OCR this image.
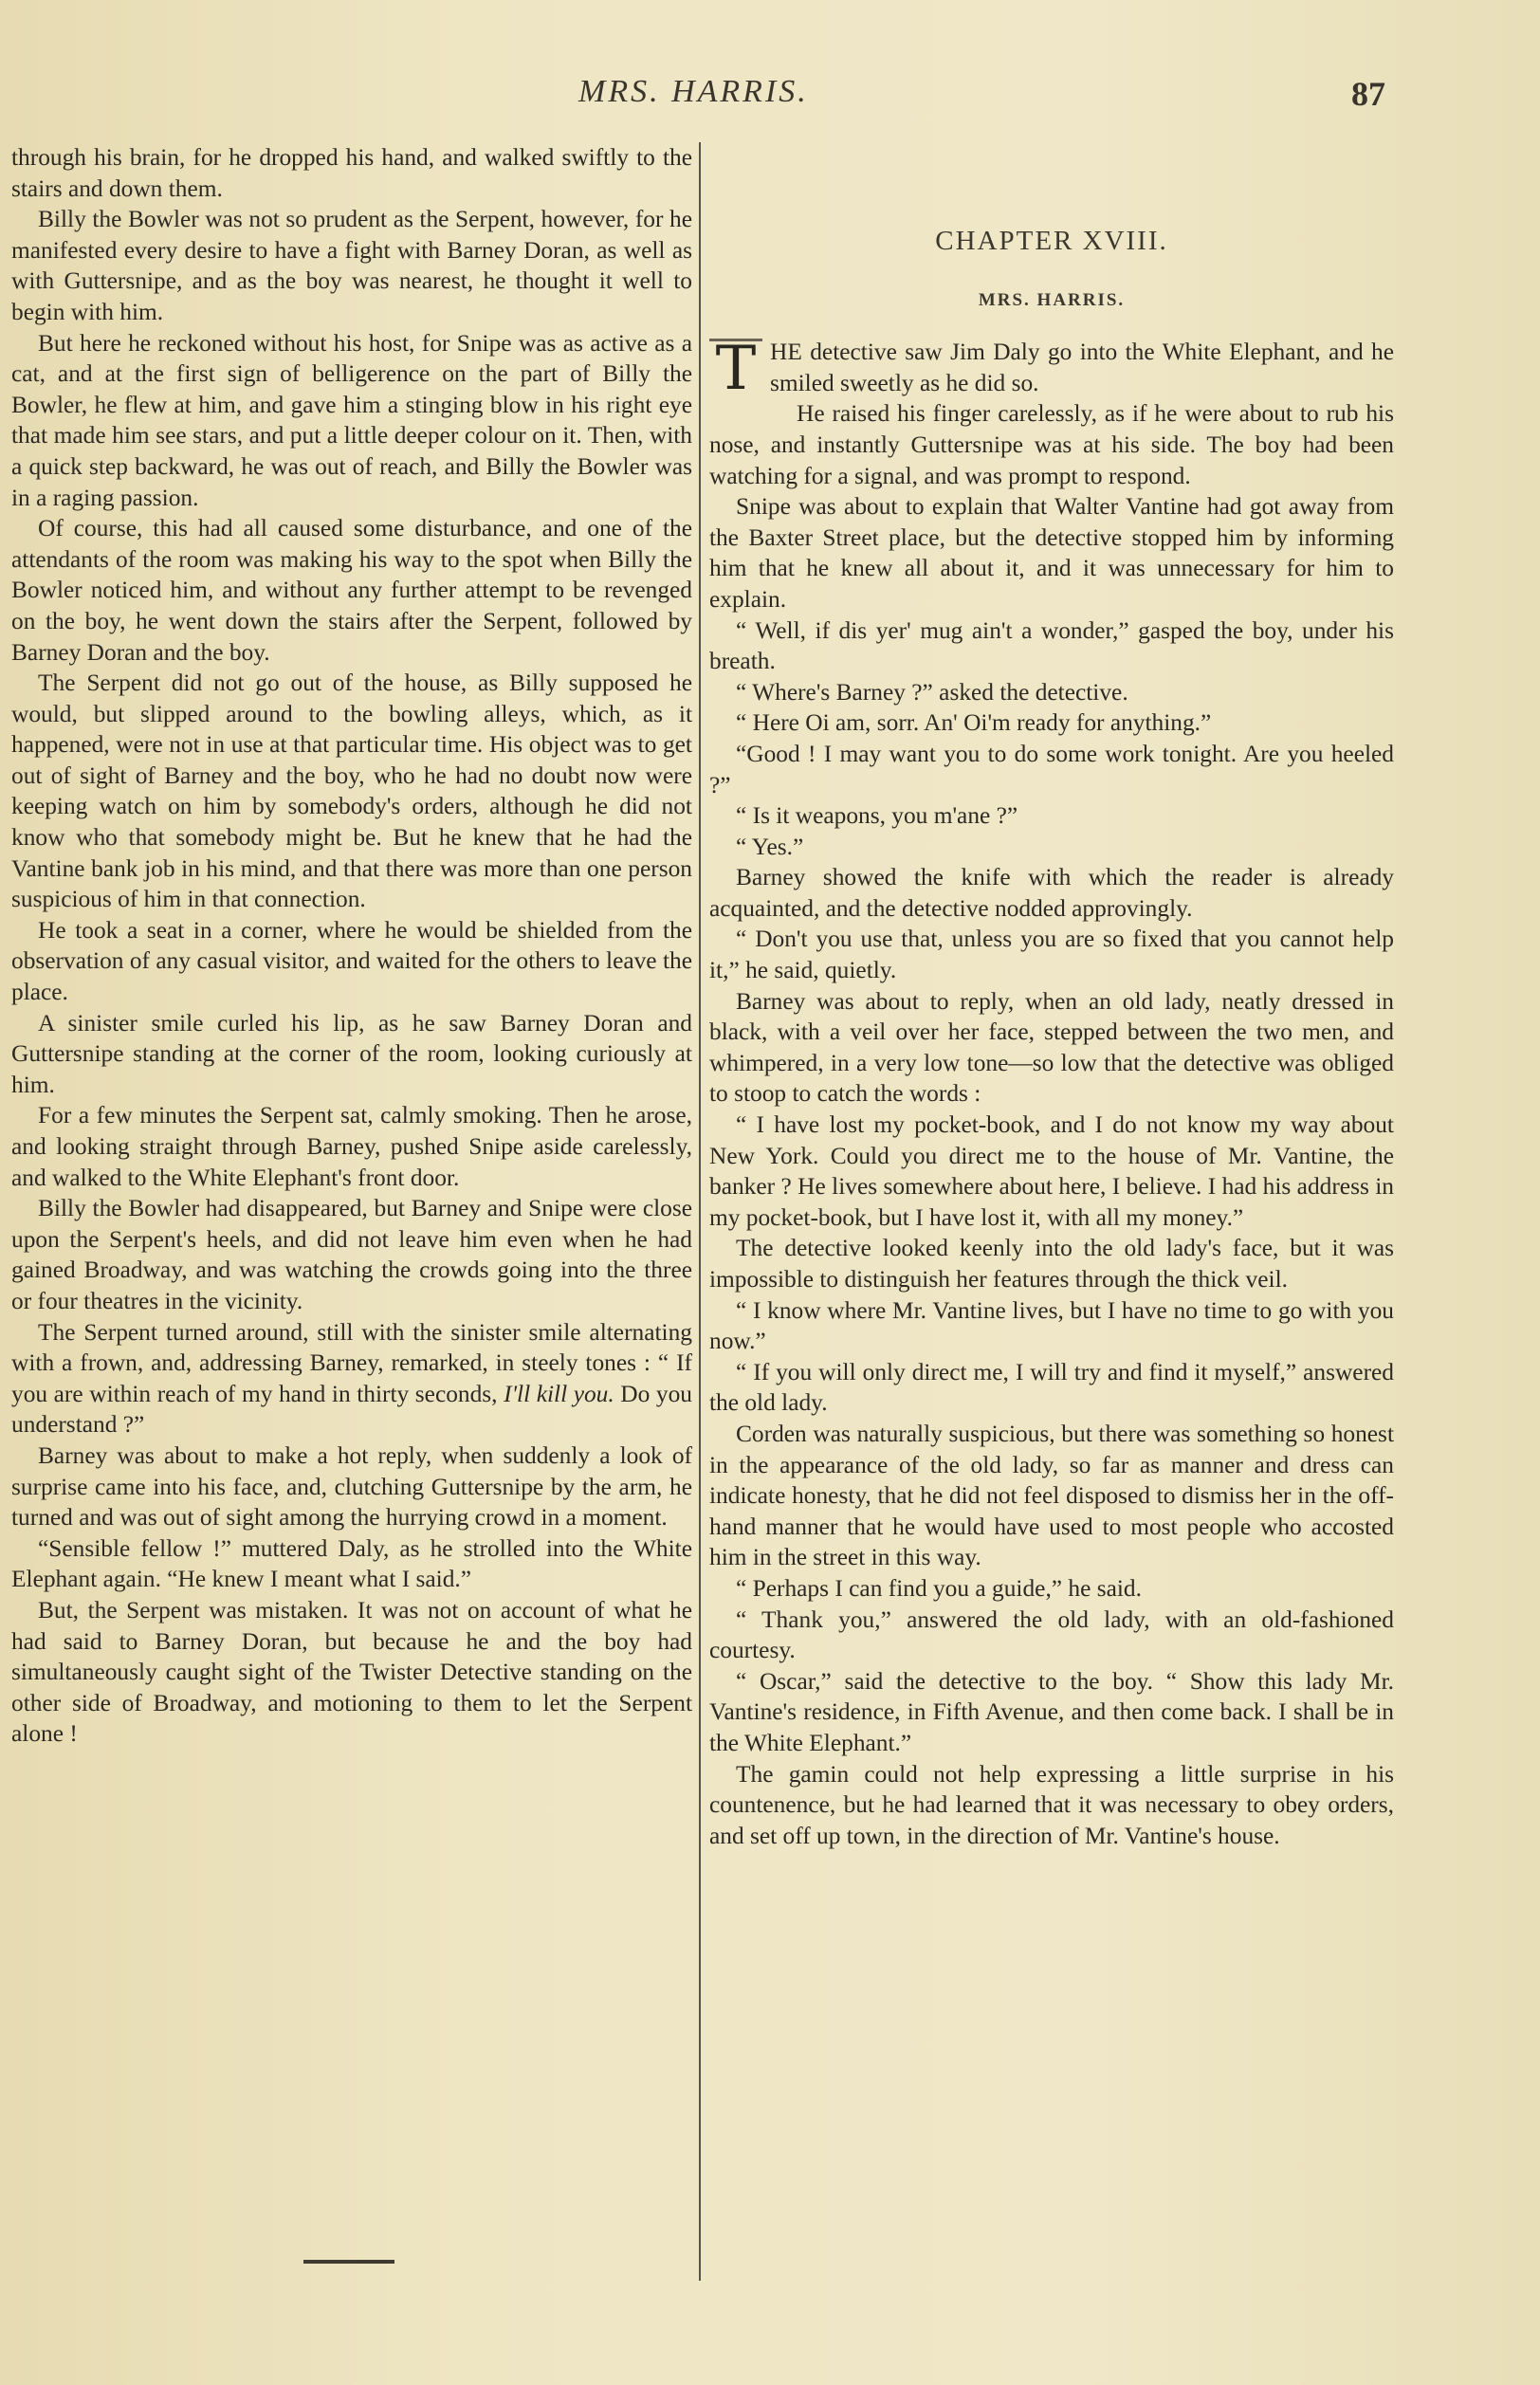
MRS. HARRIS.	87

through his brain, for he dropped his hand, and walked swiftly to the stairs and down them.

Billy the Bowler was not so prudent as the Serpent, however, for he manifested every desire to have a fight with Barney Doran, as well as with Guttersnipe, and as the boy was nearest, he thought it well to begin with him.

But here he reckoned without his host, for Snipe was as active as a cat, and at the first sign of belligerence on the part of Billy the Bowler, he flew at him, and gave him a stinging blow in his right eye that made him see stars, and put a little deeper colour on it. Then, with a quick step backward, he was out of reach, and Billy the Bowler was in a raging passion.

Of course, this had all caused some disturbance, and one of the attendants of the room was making his way to the spot when Billy the Bowler noticed him, and without any further attempt to be revenged on the boy, he went down the stairs after the Serpent, followed by Barney Doran and the boy.

The Serpent did not go out of the house, as Billy supposed he would, but slipped around to the bowling alleys, which, as it happened, were not in use at that particular time. His object was to get out of sight of Barney and the boy, who he had no doubt now were keeping watch on him by somebody's orders, although he did not know who that somebody might be. But he knew that he had the Vantine bank job in his mind, and that there was more than one person suspicious of him in that connection.

He took a seat in a corner, where he would be shielded from the observation of any casual visitor, and waited for the others to leave the place.

A sinister smile curled his lip, as he saw Barney Doran and Guttersnipe standing at the corner of the room, looking curiously at him.

For a few minutes the Serpent sat, calmly smoking. Then he arose, and looking straight through Barney, pushed Snipe aside carelessly, and walked to the White Elephant's front door.

Billy the Bowler had disappeared, but Barney and Snipe were close upon the Serpent's heels, and did not leave him even when he had gained Broadway, and was watching the crowds going into the three or four theatres in the vicinity.

The Serpent turned around, still with the sinister smile alternating with a frown, and, addressing Barney, remarked, in steely tones : “ If you are within reach of my hand in thirty seconds, I'll kill you. Do you understand ?”

Barney was about to make a hot reply, when suddenly a look of surprise came into his face, and, clutching Guttersnipe by the arm, he turned and was out of sight among the hurrying crowd in a moment.

“Sensible fellow !” muttered Daly, as he strolled into the White Elephant again. “He knew I meant what I said.”

But, the Serpent was mistaken. It was not on account of what he had said to Barney Doran, but because he and the boy had simultaneously caught sight of the Twister Detective standing on the other side of Broadway, and motioning to them to let the Serpent alone !

CHAPTER XVIII.
MRS. HARRIS.

T HE detective saw Jim Daly go into the White Elephant, and he smiled sweetly as he did so.

He raised his finger carelessly, as if he were about to rub his nose, and instantly Guttersnipe was at his side. The boy had been watching for a signal, and was prompt to respond.

Snipe was about to explain that Walter Vantine had got away from the Baxter Street place, but the detective stopped him by informing him that he knew all about it, and it was unnecessary for him to explain.

“ Well, if dis yer' mug ain't a wonder,” gasped the boy, under his breath.

“ Where's Barney ?” asked the detective.

“ Here Oi am, sorr. An' Oi'm ready for anything.”

“Good ! I may want you to do some work tonight. Are you heeled ?”

“ Is it weapons, you m'ane ?”

“ Yes.”

Barney showed the knife with which the reader is already acquainted, and the detective nodded approvingly.

“ Don't you use that, unless you are so fixed that you cannot help it,” he said, quietly.

Barney was about to reply, when an old lady, neatly dressed in black, with a veil over her face, stepped between the two men, and whimpered, in a very low tone—so low that the detective was obliged to stoop to catch the words :

“ I have lost my pocket-book, and I do not know my way about New York. Could you direct me to the house of Mr. Vantine, the banker ? He lives somewhere about here, I believe. I had his address in my pocket-book, but I have lost it, with all my money.”

The detective looked keenly into the old lady's face, but it was impossible to distinguish her features through the thick veil.

“ I know where Mr. Vantine lives, but I have no time to go with you now.”

“ If you will only direct me, I will try and find it myself,” answered the old lady.

Corden was naturally suspicious, but there was something so honest in the appearance of the old lady, so far as manner and dress can indicate honesty, that he did not feel disposed to dismiss her in the off-hand manner that he would have used to most people who accosted him in the street in this way.

“ Perhaps I can find you a guide,” he said.

“ Thank you,” answered the old lady, with an old-fashioned courtesy.

“ Oscar,” said the detective to the boy. “ Show this lady Mr. Vantine's residence, in Fifth Avenue, and then come back. I shall be in the White Elephant.”

The gamin could not help expressing a little surprise in his countenence, but he had learned that it was necessary to obey orders, and set off up town, in the direction of Mr. Vantine's house.
